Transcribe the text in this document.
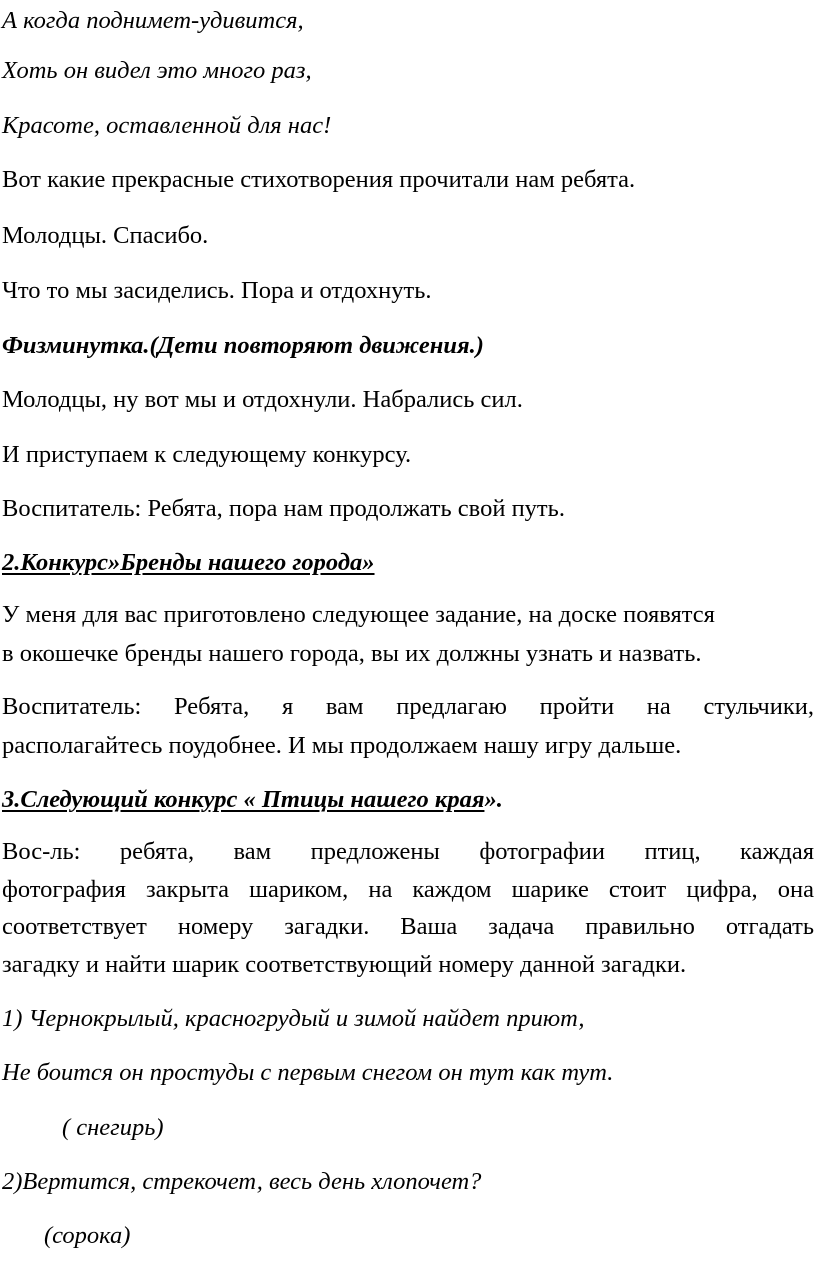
А когда поднимет-удивится,
Хоть он видел это много раз,
Красоте, оставленной для нас!
Вот какие прекрасные стихотворения прочитали нам ребята.
Молодцы. Спасибо.
Что то мы засиделись. Пора и отдохнуть.
Физминутка.(Дети повторяют движения.)
Молодцы, ну вот мы и отдохнули. Набрались сил.
И приступаем к следующему конкурсу.
Воспитатель: Ребята, пора нам продолжать свой путь.
2.Конкурс»Бренды нашего города»
У меня для вас приготовлено следующее задание, на доске появятся
в окошечке бренды нашего города, вы их должны узнать и назвать.
Воспитатель: Ребята, я вам предлагаю пройти на стульчики,
располагайтесь поудобнее. И мы продолжаем нашу игру дальше.
3.Следующий конкурс « Птицы нашего края».
Вос-ль: ребята, вам предложены фотографии птиц, каждая
фотография закрыта шариком, на каждом шарике стоит цифра, она
соответствует номеру загадки. Ваша задача правильно отгадать
загадку и найти шарик соответствующий номеру данной загадки.
1) Чернокрылый, красногрудый и зимой найдет приют,
Не боится он простуды с первым снегом он тут как тут.
( снегирь)
2)Вертится, стрекочет, весь день хлопочет?
(сорока)
